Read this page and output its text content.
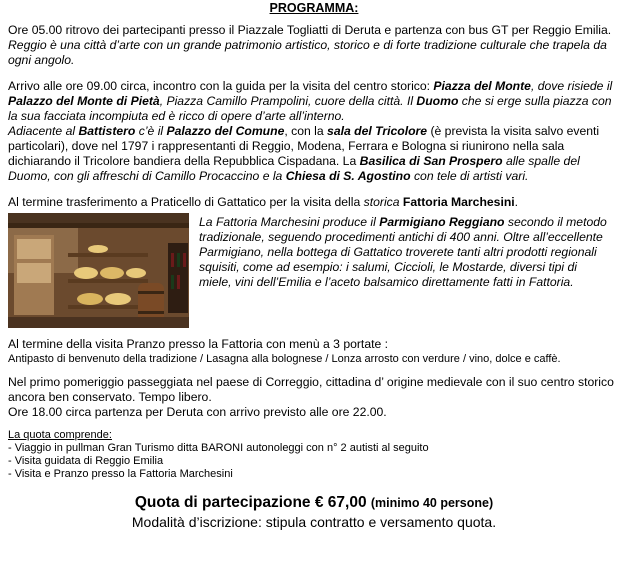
PROGRAMMA:

Ore 05.00 ritrovo dei partecipanti presso il Piazzale Togliatti di Deruta e partenza con bus GT per Reggio Emilia. Reggio è una città d’arte con un grande patrimonio artistico, storico e di forte tradizione culturale che trapela da ogni angolo.

Arrivo alle ore 09.00 circa, incontro con la guida per la visita del centro storico: Piazza del Monte, dove risiede il Palazzo del Monte di Pietà, Piazza Camillo Prampolini, cuore della città. Il Duomo che si erge sulla piazza con la sua facciata incompiuta ed è ricco di opere d’arte all’interno.

Adiacente al Battistero c’è il Palazzo del Comune, con la sala del Tricolore (è prevista la visita salvo eventi particolari), dove nel 1797 i rappresentanti di Reggio, Modena, Ferrara e Bologna si riunirono nella sala dichiarando il Tricolore bandiera della Repubblica Cispadana. La Basilica di San Prospero alle spalle del Duomo, con gli affreschi di Camillo Procaccino e la Chiesa di S. Agostino con tele di artisti vari.

Al termine trasferimento a Praticello di Gattatico per la visita della storica Fattoria Marchesini.

La Fattoria Marchesini produce il Parmigiano Reggiano secondo il metodo tradizionale, seguendo procedimenti antichi di 400 anni. Oltre all’eccellente Parmigiano, nella bottega di Gattatico troverete tanti altri prodotti regionali squisiti, come ad esempio: i salumi, Ciccioli, le Mostarde, diversi tipi di miele, vini dell’Emilia e l’aceto balsamico direttamente fatti in Fattoria.

Al termine della visita Pranzo presso la Fattoria con menù a 3 portate :

Antipasto di benvenuto della tradizione / Lasagna alla bolognese / Lonza arrosto con verdure / vino, dolce e caffè.

Nel primo pomeriggio passeggiata nel paese di Correggio, cittadina d’ origine medievale con il suo centro storico ancora ben conservato. Tempo libero.

Ore 18.00 circa partenza per Deruta con arrivo previsto alle ore 22.00.

La quota comprende:
- Viaggio in pullman Gran Turismo ditta BARONI autonoleggi con n° 2 autisti al seguito
- Visita guidata di Reggio Emilia
- Visita e Pranzo presso la Fattoria Marchesini
Quota di partecipazione € 67,00 (minimo 40 persone)
Modalità d’iscrizione: stipula contratto e versamento quota.
